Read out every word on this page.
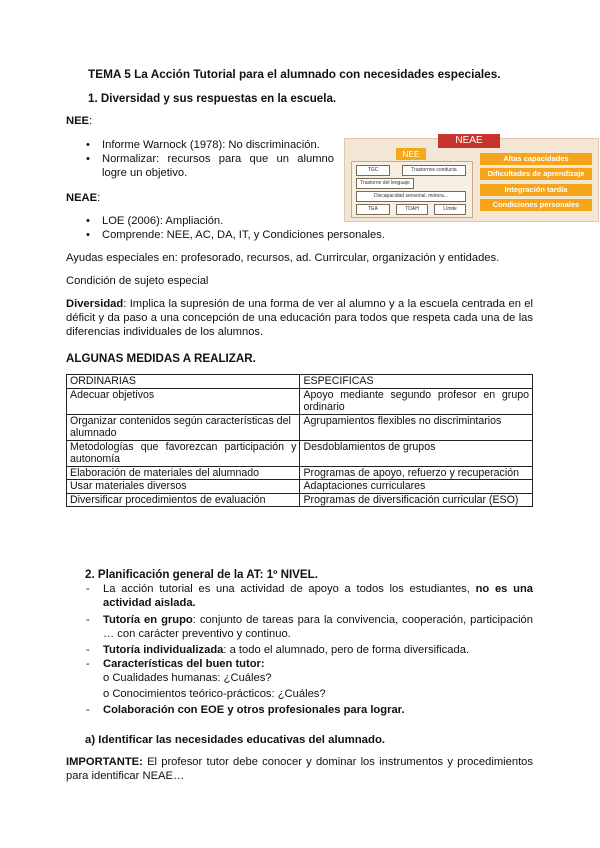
TEMA 5 La Acción Tutorial para el alumnado con necesidades especiales.
1. Diversidad y sus respuestas en la escuela.
NEE:
• Informe Warnock (1978): No discriminación.
• Normalizar: recursos para que un alumno logre un objetivo.
NEAE
NEE
TGC	Trastornos conducta
Trastorno del lenguaje
Discapacidad sensorial, motora...
TEA	TDAH	Límite
Altas capacidades
Dificultades de aprendizaje
Integración tardía
Condiciones personales
NEAE:
• LOE (2006): Ampliación.
• Comprende: NEE, AC, DA, IT, y Condiciones personales.
Ayudas especiales en: profesorado, recursos, ad. Currircular, organización y entidades.
Condición de sujeto especial
Diversidad: Implica la supresión de una forma de ver al alumno y a la escuela centrada en el déficit y da paso a una concepción de una educación para todos que respeta cada una de las diferencias individuales de los alumnos.
ALGUNAS MEDIDAS A REALIZAR.
ORDINARIAS	ESPECIFICAS
Adecuar objetivos	Apoyo mediante segundo profesor en grupo ordinario
Organizar contenidos según características del alumnado	Agrupamientos flexibles no discrimintarios
Metodologías que favorezcan participación y autonomía	Desdoblamientos de grupos
Elaboración de materiales del alumnado	Programas de apoyo, refuerzo y recuperación
Usar materiales diversos	Adaptaciones curriculares
Diversificar procedimientos de evaluación	Programas de diversificación curricular (ESO)
2. Planificación general de la AT: 1º NIVEL.
- La acción tutorial es una actividad de apoyo a todos los estudiantes, no es una actividad aislada.
- Tutoría en grupo: conjunto de tareas para la convivencia, cooperación, participación … con carácter preventivo y continuo.
- Tutoría individualizada: a todo el alumnado, pero de forma diversificada.
- Características del buen tutor:
o Cualidades humanas: ¿Cuáles?
o Conocimientos teórico-prácticos: ¿Cuáles?
- Colaboración con EOE y otros profesionales para lograr.
a) Identificar las necesidades educativas del alumnado.
IMPORTANTE: El profesor tutor debe conocer y dominar los instrumentos y procedimientos para identificar NEAE…
